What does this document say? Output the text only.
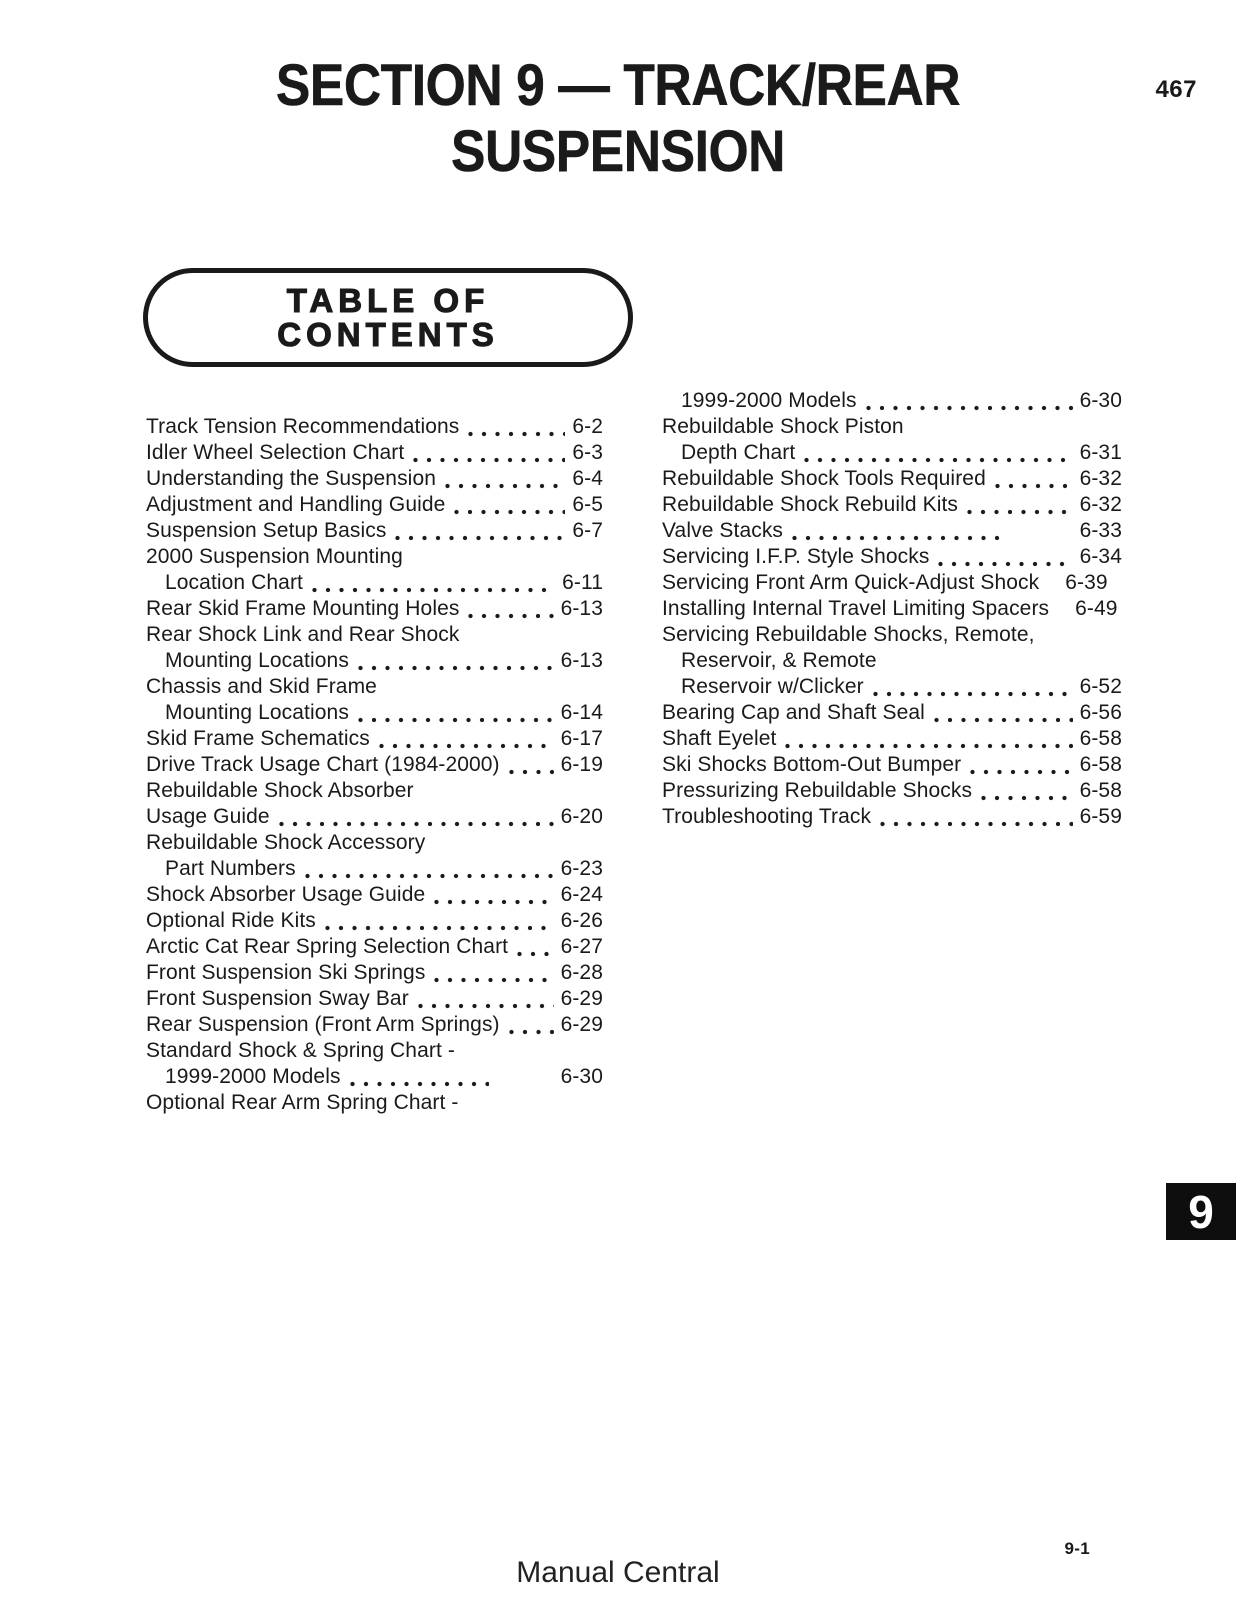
467
SECTION 9 — TRACK/REAR
SUSPENSION
TABLE OF
CONTENTS
Track Tension Recommendations	6-2
Idler Wheel Selection Chart	6-3
Understanding the Suspension	6-4
Adjustment and Handling Guide	6-5
Suspension Setup Basics	6-7
2000 Suspension Mounting
Location Chart	6-11
Rear Skid Frame Mounting Holes	6-13
Rear Shock Link and Rear Shock
Mounting Locations	6-13
Chassis and Skid Frame
Mounting Locations	6-14
Skid Frame Schematics	6-17
Drive Track Usage Chart (1984-2000)	6-19
Rebuildable Shock Absorber
Usage Guide	6-20
Rebuildable Shock Accessory
Part Numbers	6-23
Shock Absorber Usage Guide	6-24
Optional Ride Kits	6-26
Arctic Cat Rear Spring Selection Chart 6-27
Front Suspension Ski Springs	6-28
Front Suspension Sway Bar	6-29
Rear Suspension (Front Arm Springs)	6-29
Standard Shock & Spring Chart -
1999-2000 Models	6-30
Optional Rear Arm Spring Chart -
1999-2000 Models	6-30
Rebuildable Shock Piston
Depth Chart	6-31
Rebuildable Shock Tools Required	6-32
Rebuildable Shock Rebuild Kits	6-32
Valve Stacks	6-33
Servicing I.F.P. Style Shocks	6-34
Servicing Front Arm Quick-Adjust Shock 6-39
Installing Internal Travel Limiting Spacers 6-49
Servicing Rebuildable Shocks, Remote,
Reservoir, & Remote
Reservoir w/Clicker	6-52
Bearing Cap and Shaft Seal	6-56
Shaft Eyelet	6-58
Ski Shocks Bottom-Out Bumper	6-58
Pressurizing Rebuildable Shocks	6-58
Troubleshooting Track	6-59
9
9-1
Manual Central
